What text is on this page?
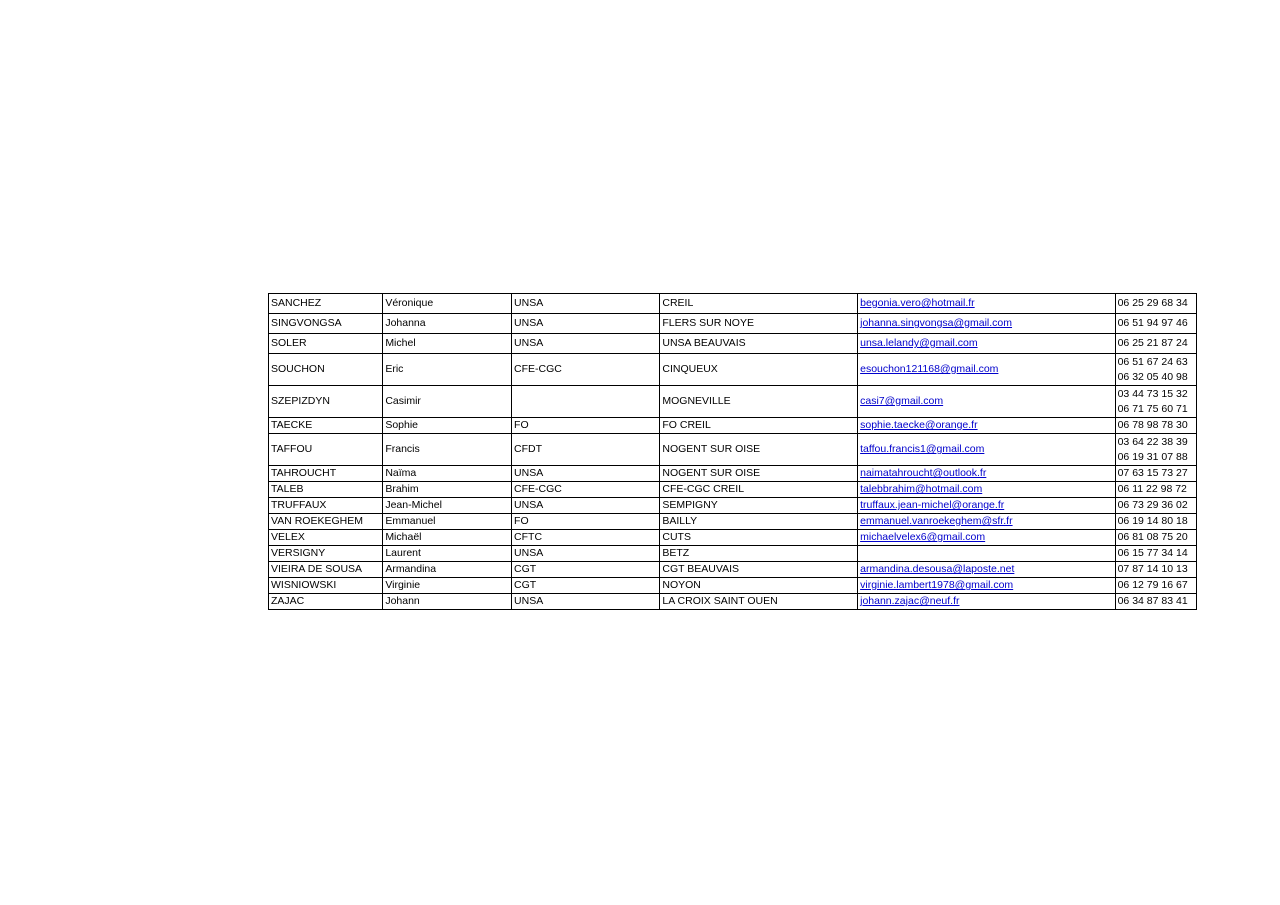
SANCHEZ	Véronique	UNSA	CREIL	begonia.vero@hotmail.fr	06 25 29 68 34

SINGVONGSA	Johanna	UNSA	FLERS SUR NOYE	johanna.singvongsa@gmail.com	06 51 94 97 46

SOLER	Michel	UNSA	UNSA BEAUVAIS	unsa.lelandy@gmail.com	06 25 21 87 24

SOUCHON	Eric	CFE-CGC	CINQUEUX	esouchon121168@gmail.com	06 51 67 24 63
06 32 05 40 98

SZEPIZDYN	Casimir		MOGNEVILLE	casi7@gmail.com	03 44 73 15 32
06 71 75 60 71

TAECKE	Sophie	FO	FO CREIL	sophie.taecke@orange.fr	06 78 98 78 30

TAFFOU	Francis	CFDT	NOGENT SUR OISE	taffou.francis1@gmail.com	03 64 22 38 39
06 19 31 07 88

TAHROUCHT	Naïma	UNSA	NOGENT SUR OISE	naimatahroucht@outlook.fr	07 63 15 73 27

TALEB	Brahim	CFE-CGC	CFE-CGC CREIL	talebbrahim@hotmail.com	06 11 22 98 72

TRUFFAUX	Jean-Michel	UNSA	SEMPIGNY	truffaux.jean-michel@orange.fr	06 73 29 36 02

VAN ROEKEGHEM	Emmanuel	FO	BAILLY	emmanuel.vanroekeghem@sfr.fr	06 19 14 80 18

VELEX	Michaël	CFTC	CUTS	michaelvelex6@gmail.com	06 81 08 75 20

VERSIGNY	Laurent	UNSA	BETZ		06 15 77 34 14

VIEIRA DE SOUSA	Armandina	CGT	CGT BEAUVAIS	armandina.desousa@laposte.net	07 87 14 10 13

WISNIOWSKI	Virginie	CGT	NOYON	virginie.lambert1978@gmail.com	06 12 79 16 67

ZAJAC	Johann	UNSA	LA CROIX SAINT OUEN	johann.zajac@neuf.fr	06 34 87 83 41
